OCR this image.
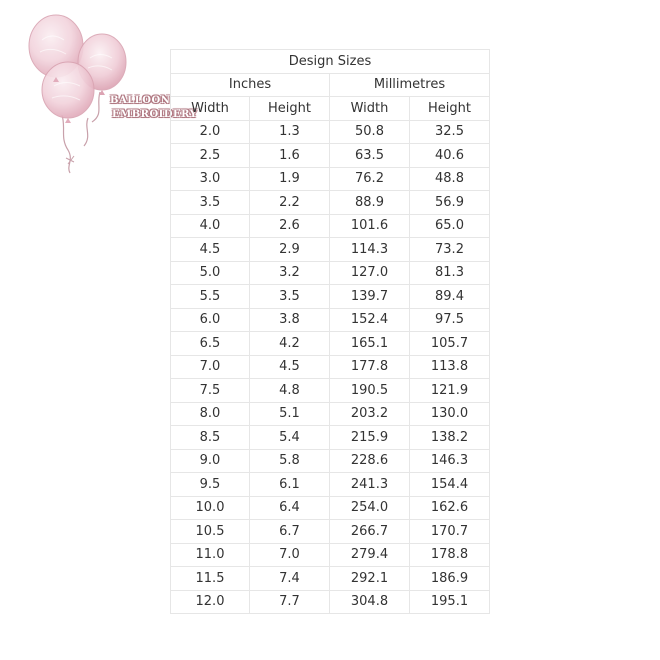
BALLOON
EMBROIDERY
Design Sizes			
Inches		Millimetres	
Width	Height	Width	Height
2.0	1.3	50.8	32.5
2.5	1.6	63.5	40.6
3.0	1.9	76.2	48.8
3.5	2.2	88.9	56.9
4.0	2.6	101.6	65.0
4.5	2.9	114.3	73.2
5.0	3.2	127.0	81.3
5.5	3.5	139.7	89.4
6.0	3.8	152.4	97.5
6.5	4.2	165.1	105.7
7.0	4.5	177.8	113.8
7.5	4.8	190.5	121.9
8.0	5.1	203.2	130.0
8.5	5.4	215.9	138.2
9.0	5.8	228.6	146.3
9.5	6.1	241.3	154.4
10.0	6.4	254.0	162.6
10.5	6.7	266.7	170.7
11.0	7.0	279.4	178.8
11.5	7.4	292.1	186.9
12.0	7.7	304.8	195.1
